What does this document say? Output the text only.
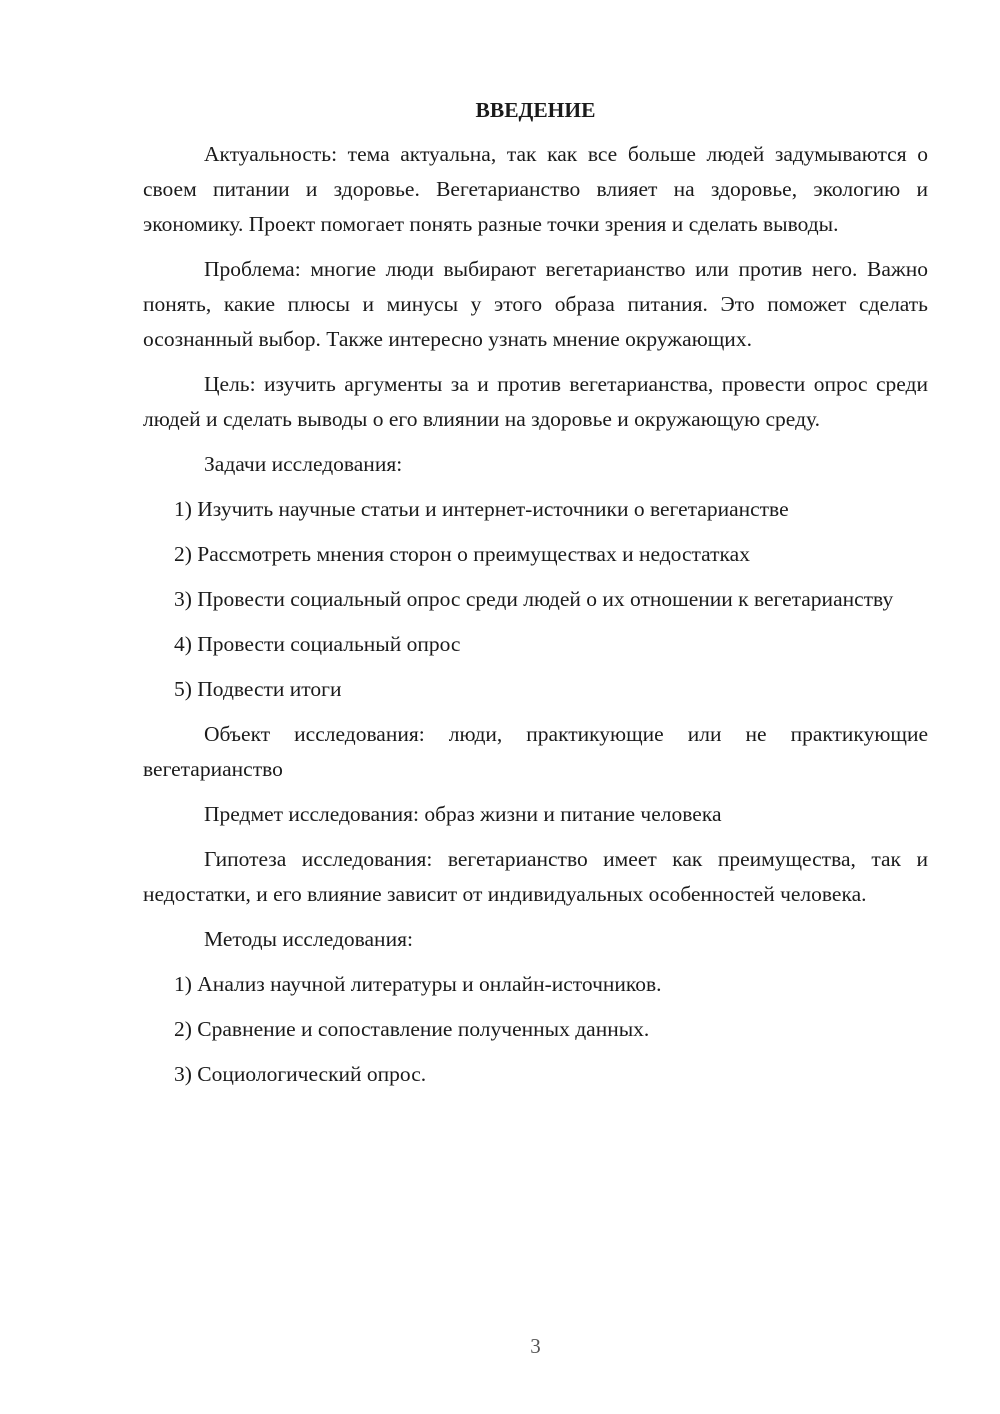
ВВЕДЕНИЕ

Актуальность: тема актуальна, так как все больше людей задумываются о своем питании и здоровье. Вегетарианство влияет на здоровье, экологию и экономику. Проект помогает понять разные точки зрения и сделать выводы.

Проблема: многие люди выбирают вегетарианство или против него. Важно понять, какие плюсы и минусы у этого образа питания. Это поможет сделать осознанный выбор. Также интересно узнать мнение окружающих.

Цель: изучить аргументы за и против вегетарианства, провести опрос среди людей и сделать выводы о его влиянии на здоровье и окружающую среду.

Задачи исследования:

1) Изучить научные статьи и интернет-источники о вегетарианстве

2) Рассмотреть мнения сторон о преимуществах и недостатках

3) Провести социальный опрос среди людей о их отношении к вегетарианству

4) Провести социальный опрос

5) Подвести итоги

Объект исследования: люди, практикующие или не практикующие вегетарианство

Предмет исследования: образ жизни и питание человека

Гипотеза исследования: вегетарианство имеет как преимущества, так и недостатки, и его влияние зависит от индивидуальных особенностей человека.

Методы исследования:

1) Анализ научной литературы и онлайн-источников.

2) Сравнение и сопоставление полученных данных.

3) Социологический опрос.

3
